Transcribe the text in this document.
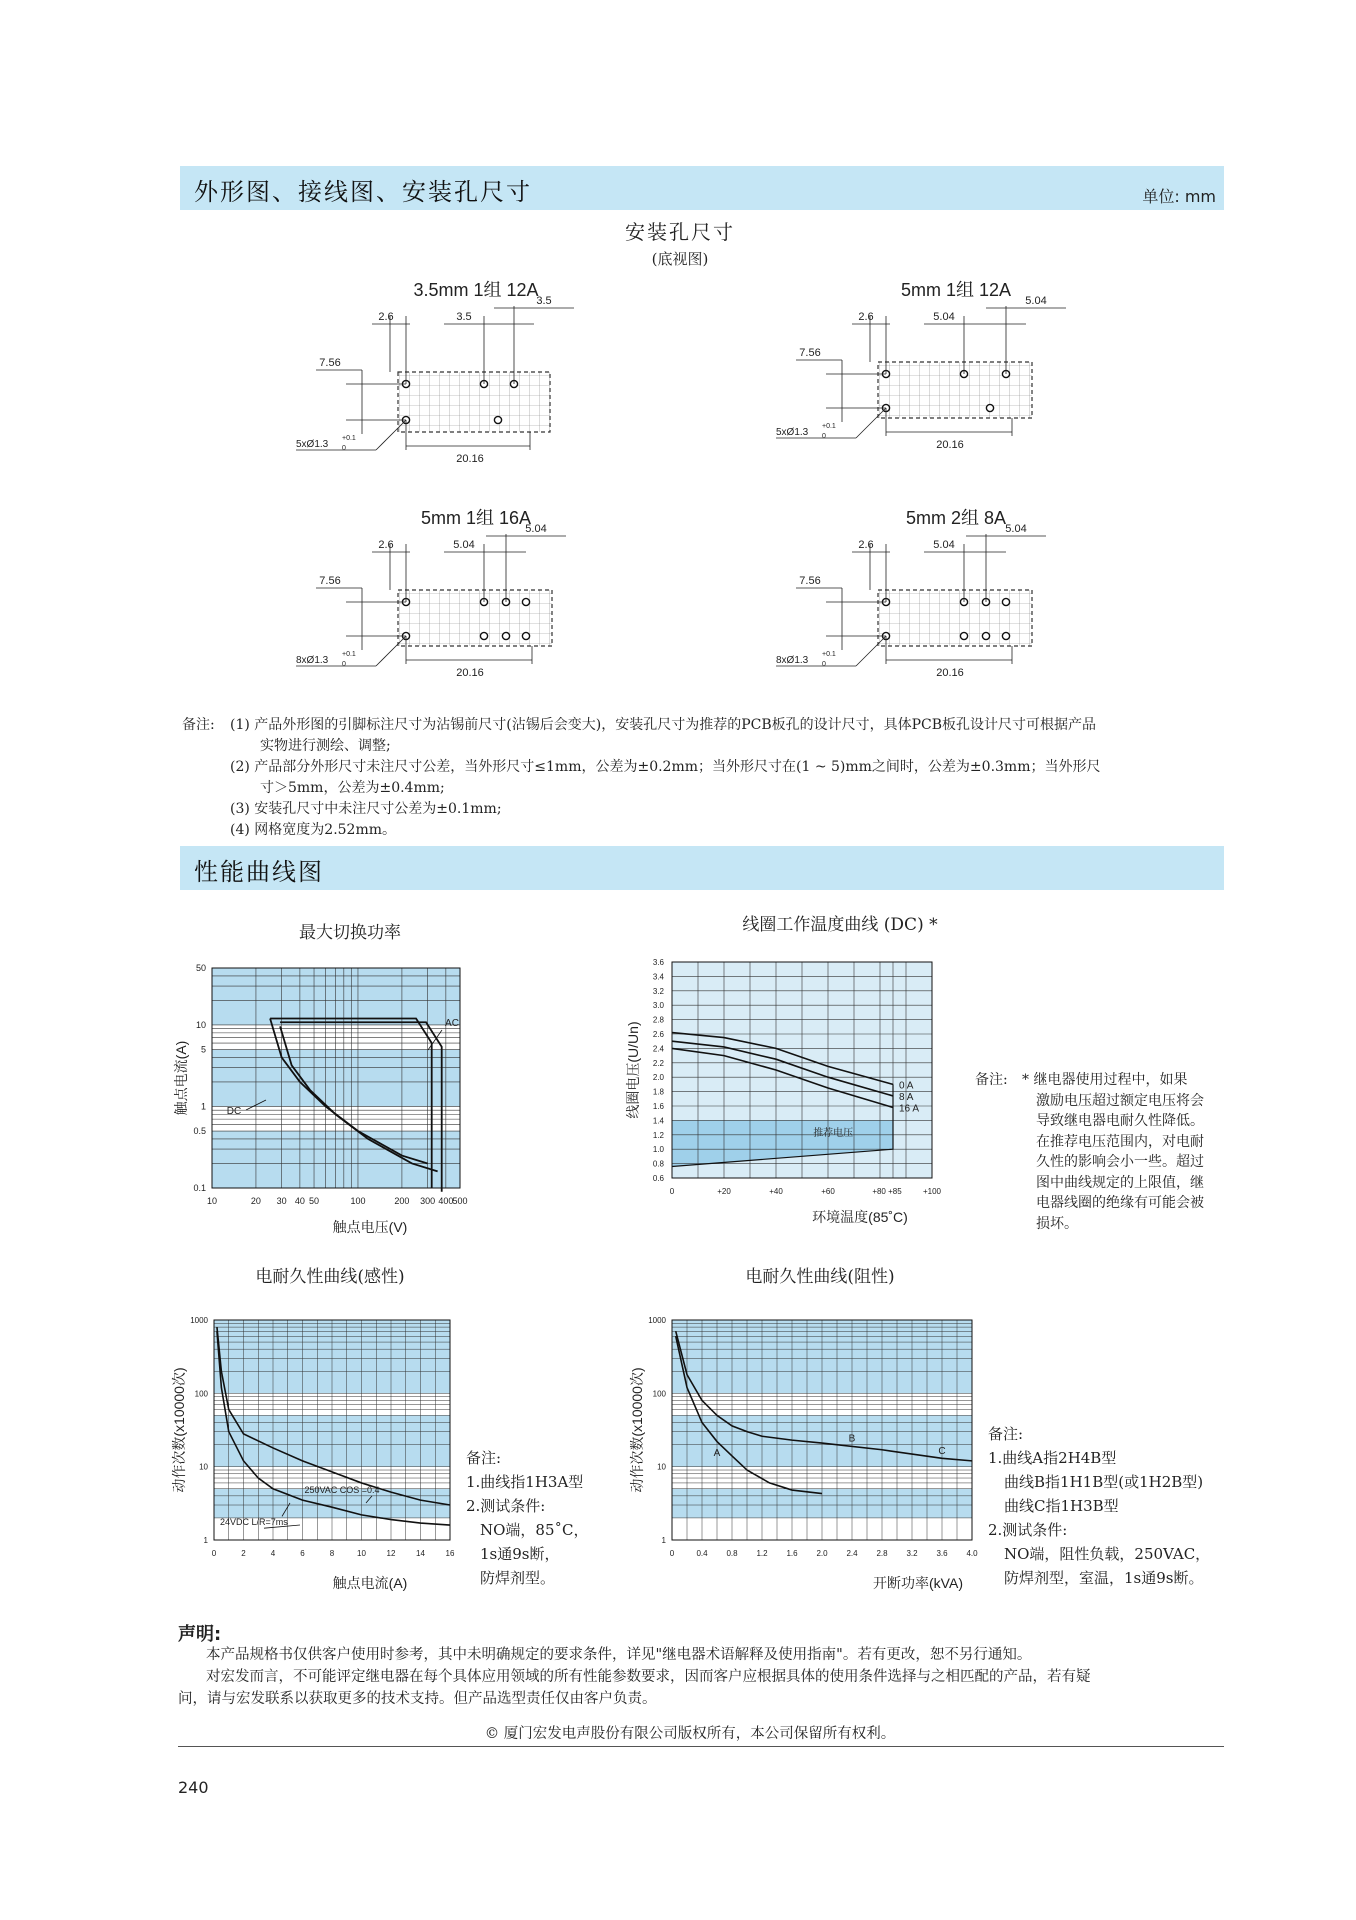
外形图、接线图、安装孔尺寸	单位: mm
安装孔尺寸
(底视图)
3.5mm 1组 12A
2.6	3.5
3.5
7.56
20.16
5xØ1.3
+0.1
0
5mm 1组 12A
2.6	5.04
5.04
7.56
20.16
5xØ1.3
+0.1
0
5mm 1组 16A
2.6	5.04
5.04
7.56
20.16
8xØ1.3
+0.1
0
5mm 2组 8A
2.6	5.04
5.04
7.56
20.16
8xØ1.3
+0.1
0
备注: (1) 产品外形图的引脚标注尺寸为沾锡前尺寸(沾锡后会变大)，安装孔尺寸为推荐的PCB板孔的设计尺寸，具体PCB板孔设计尺寸可根据产品

实物进行测绘、调整;

(2) 产品部分外形尺寸未注尺寸公差，当外形尺寸≤1mm，公差为±0.2mm；当外形尺寸在(1 ~ 5)mm之间时，公差为±0.3mm；当外形尺

寸＞5mm，公差为±0.4mm;

(3) 安装孔尺寸中未注尺寸公差为±0.1mm;

(4) 网格宽度为2.52mm。

性能曲线图
最大切换功率	线圈工作温度曲线 (DC) *
电耐久性曲线(感性)	电耐久性曲线(阻性)
AC
DC
10	20 30 40 50	100	200 300 400 500
50
10
5
1
0.5
0.1
触点电压(V)
触点电流(A)	0 A
8 A
16 A
推荐电压
0	+20	+40	+60	+80 +85	+100
3.6
3.4
3.0
2.6
2.2
1.8
1.4
1.0
0.6
3.2
2.8
2.4
2.0
1.6
1.2
0.8
环境温度(85˚C)
线圈电压(U/Un)
0	2	4	6	8	10	12	14	16
1000
100
10
1
动作次数(x10000次)
触点电流(A)
250VAC COS =0.4
24VDC L/R=7ms
0	0.4 0.8 1.2 1.6 2.0 2.4 2.8 3.2 3.6 4.0
1000
100
10
1
动作次数(x10000次)
开断功率(kVA)
A
B
C
备注: * 继电器使用过程中，如果

激励电压超过额定电压将会

导致继电器电耐久性降低。

在推荐电压范围内，对电耐

久性的影响会小一些。超过

图中曲线规定的上限值，继

电器线圈的绝缘有可能会被

损坏。

备注:

1.曲线指1H3A型

2.测试条件:

NO端，85˚C，

1s通9s断，

防焊剂型。

备注:

1.曲线A指2H4B型

曲线B指1H1B型(或1H2B型)

曲线C指1H3B型

2.测试条件:

NO端，阻性负载，250VAC，

防焊剂型，室温，1s通9s断。

声明:

本产品规格书仅供客户使用时参考，其中未明确规定的要求条件，详见"继电器术语解释及使用指南"。若有更改，恕不另行通知。

对宏发而言，不可能评定继电器在每个具体应用领域的所有性能参数要求，因而客户应根据具体的使用条件选择与之相匹配的产品，若有疑

问，请与宏发联系以获取更多的技术支持。但产品选型责任仅由客户负责。

© 厦门宏发电声股份有限公司版权所有，本公司保留所有权利。
240
